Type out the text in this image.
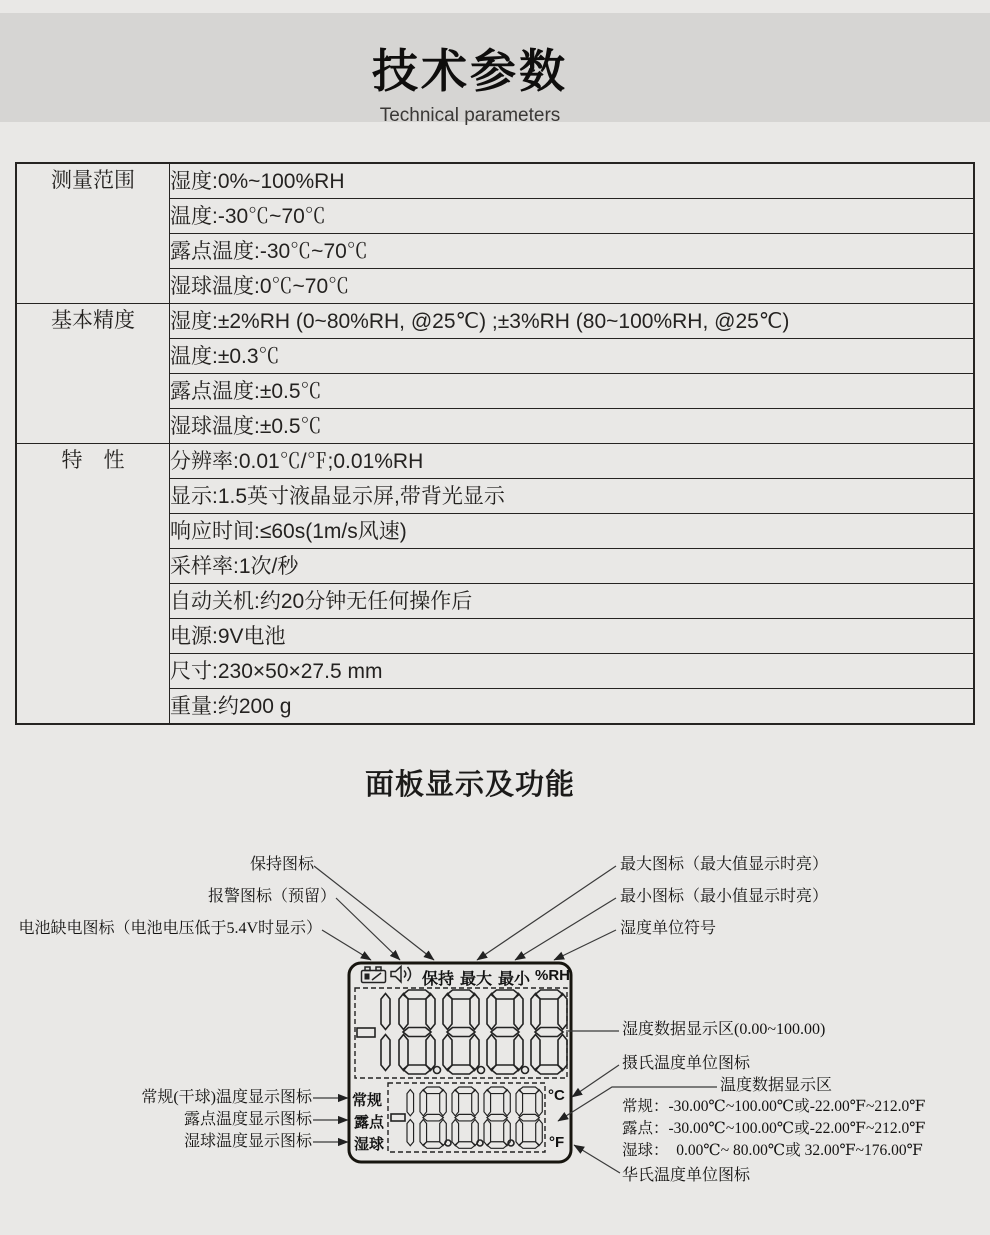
技术参数
Technical parameters
测量范围	湿度:0%~100%RH
	温度:-30℃~70℃
	露点温度:-30℃~70℃
	湿球温度:0℃~70℃
基本精度	湿度:±2%RH (0~80%RH, @25℃) ;±3%RH (80~100%RH, @25℃)
	温度:±0.3℃
	露点温度:±0.5℃
	湿球温度:±0.5℃
特　性	分辨率:0.01℃/℉;0.01%RH
	显示:1.5英寸液晶显示屏,带背光显示
	响应时间:≤60s(1m/s风速)
	采样率:1次/秒
	自动关机:约20分钟无任何操作后
	电源:9V电池
	尺寸:230×50×27.5 mm
	重量:约200 g
面板显示及功能
保持 最大 最小 %RH
常规
露点
湿球
°C
°F
保持图标
报警图标（预留）
电池缺电图标（电池电压低于5.4V时显示）
常规(干球)温度显示图标
露点温度显示图标
湿球温度显示图标
最大图标（最大值显示时亮）
最小图标（最小值显示时亮）
湿度单位符号
湿度数据显示区(0.00~100.00)
摄氏温度单位图标
温度数据显示区
常规：-30.00℃~100.00℃或-22.00℉~212.0℉
露点：-30.00℃~100.00℃或-22.00℉~212.0℉
湿球：  0.00℃~ 80.00℃或 32.00℉~176.00℉
华氏温度单位图标
